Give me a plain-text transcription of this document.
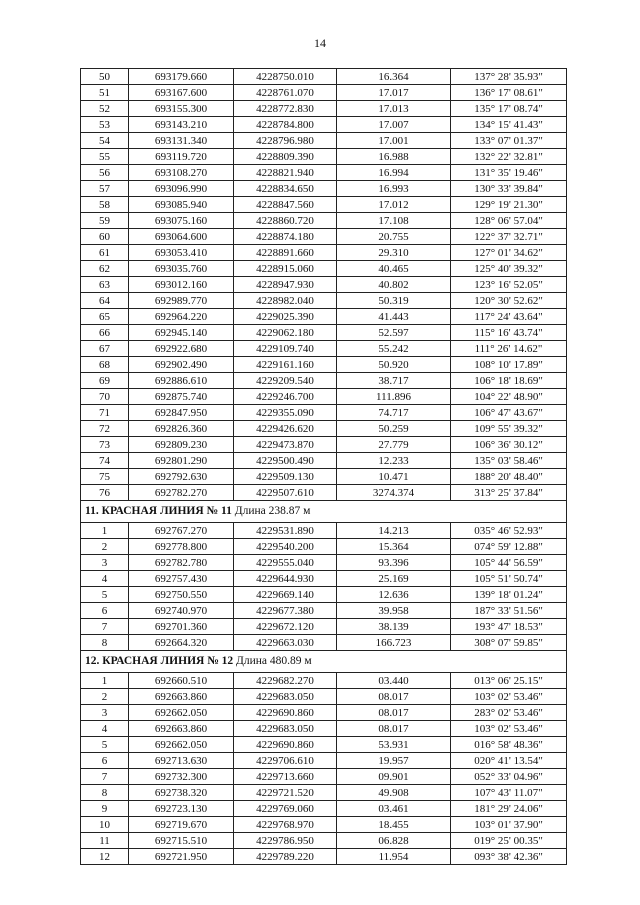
14
50	693179.660	4228750.010	16.364	137° 28' 35.93"
51	693167.600	4228761.070	17.017	136° 17' 08.61"
52	693155.300	4228772.830	17.013	135° 17' 08.74"
53	693143.210	4228784.800	17.007	134° 15' 41.43"
54	693131.340	4228796.980	17.001	133° 07' 01.37"
55	693119.720	4228809.390	16.988	132° 22' 32.81"
56	693108.270	4228821.940	16.994	131° 35' 19.46"
57	693096.990	4228834.650	16.993	130° 33' 39.84"
58	693085.940	4228847.560	17.012	129° 19' 21.30"
59	693075.160	4228860.720	17.108	128° 06' 57.04"
60	693064.600	4228874.180	20.755	122° 37' 32.71"
61	693053.410	4228891.660	29.310	127° 01' 34.62"
62	693035.760	4228915.060	40.465	125° 40' 39.32"
63	693012.160	4228947.930	40.802	123° 16' 52.05"
64	692989.770	4228982.040	50.319	120° 30' 52.62"
65	692964.220	4229025.390	41.443	117° 24' 43.64"
66	692945.140	4229062.180	52.597	115° 16' 43.74"
67	692922.680	4229109.740	55.242	111° 26' 14.62"
68	692902.490	4229161.160	50.920	108° 10' 17.89"
69	692886.610	4229209.540	38.717	106° 18' 18.69"
70	692875.740	4229246.700	111.896	104° 22' 48.90"
71	692847.950	4229355.090	74.717	106° 47' 43.67"
72	692826.360	4229426.620	50.259	109° 55' 39.32"
73	692809.230	4229473.870	27.779	106° 36' 30.12"
74	692801.290	4229500.490	12.233	135° 03' 58.46"
75	692792.630	4229509.130	10.471	188° 20' 48.40"
76	692782.270	4229507.610	3274.374	313° 25' 37.84"
11. КРАСНАЯ ЛИНИЯ № 11 Длина 238.87 м				
1	692767.270	4229531.890	14.213	035° 46' 52.93"
2	692778.800	4229540.200	15.364	074° 59' 12.88"
3	692782.780	4229555.040	93.396	105° 44' 56.59"
4	692757.430	4229644.930	25.169	105° 51' 50.74"
5	692750.550	4229669.140	12.636	139° 18' 01.24"
6	692740.970	4229677.380	39.958	187° 33' 51.56"
7	692701.360	4229672.120	38.139	193° 47' 18.53"
8	692664.320	4229663.030	166.723	308° 07' 59.85"
12. КРАСНАЯ ЛИНИЯ № 12 Длина 480.89 м				
1	692660.510	4229682.270	03.440	013° 06' 25.15"
2	692663.860	4229683.050	08.017	103° 02' 53.46"
3	692662.050	4229690.860	08.017	283° 02' 53.46"
4	692663.860	4229683.050	08.017	103° 02' 53.46"
5	692662.050	4229690.860	53.931	016° 58' 48.36"
6	692713.630	4229706.610	19.957	020° 41' 13.54"
7	692732.300	4229713.660	09.901	052° 33' 04.96"
8	692738.320	4229721.520	49.908	107° 43' 11.07"
9	692723.130	4229769.060	03.461	181° 29' 24.06"
10	692719.670	4229768.970	18.455	103° 01' 37.90"
11	692715.510	4229786.950	06.828	019° 25' 00.35"
12	692721.950	4229789.220	11.954	093° 38' 42.36"
